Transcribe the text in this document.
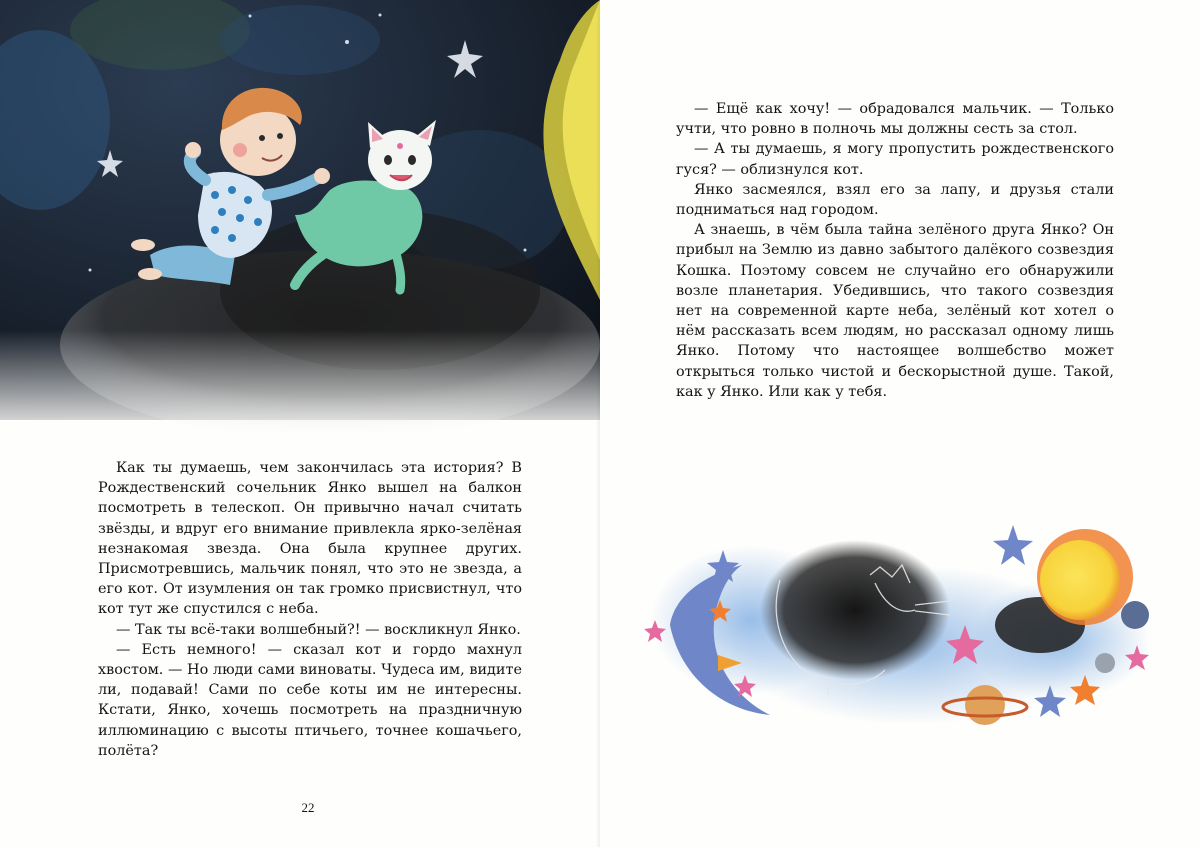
Как ты думаешь, чем закончилась эта история? В Рождественский сочельник Янко вышел на балкон посмотреть в телескоп. Он привычно начал считать звёзды, и вдруг его внимание привлекла ярко-зелёная незнакомая звезда. Она была крупнее других. Присмотревшись, мальчик понял, что это не звезда, а его кот. От изумления он так громко присвистнул, что кот тут же спустился с неба.

— Так ты всё-таки волшебный?! — воскликнул Янко.

— Есть немного! — сказал кот и гордо махнул хвостом. — Но люди сами виноваты. Чудеса им, видите ли, подавай! Сами по себе коты им не интересны. Кстати, Янко, хочешь посмотреть на праздничную иллюминацию с высоты птичьего, точнее кошачьего, полёта?

22

— Ещё как хочу! — обрадовался мальчик. — Только учти, что ровно в полночь мы должны сесть за стол.

— А ты думаешь, я могу пропустить рождественского гуся? — облизнулся кот.

Янко засмеялся, взял его за лапу, и друзья стали подниматься над городом.

А знаешь, в чём была тайна зелёного друга Янко? Он прибыл на Землю из давно забытого далёкого созвездия Кошка. Поэтому совсем не случайно его обнаружили возле планетария. Убедившись, что такого созвездия нет на современной карте неба, зелёный кот хотел о нём рассказать всем людям, но рассказал одному лишь Янко. Потому что настоящее волшебство может открыться только чистой и бескорыстной душе. Такой, как у Янко. Или как у тебя.
